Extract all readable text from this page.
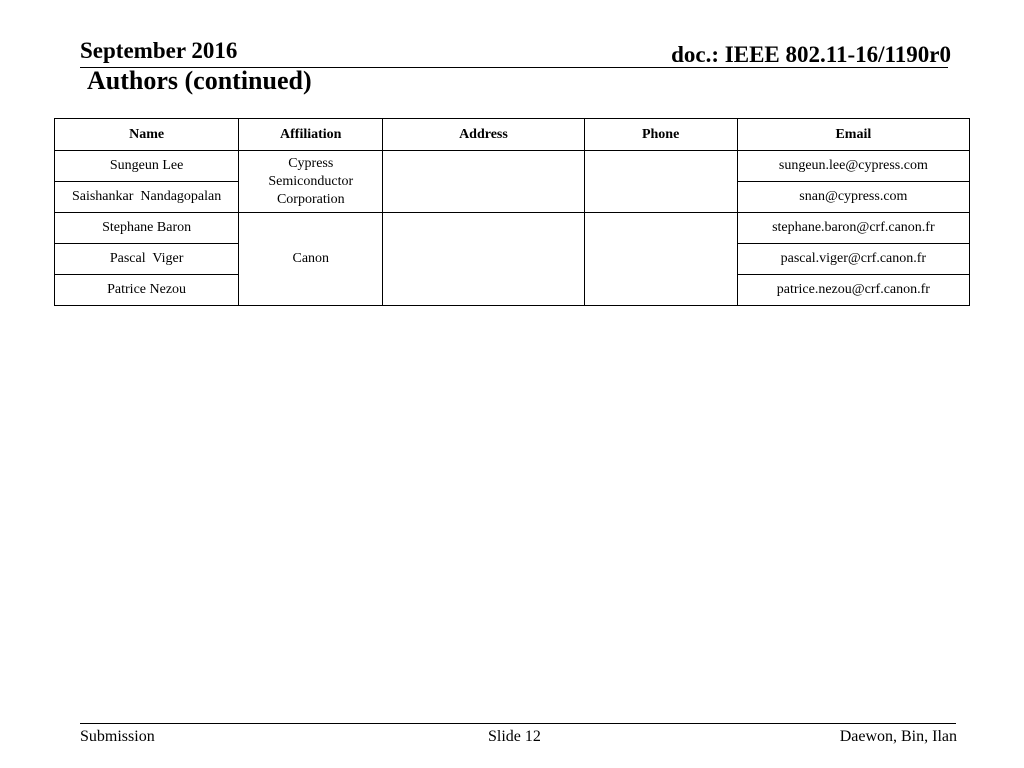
September 2016	doc.: IEEE 802.11-16/1190r0
Authors (continued)
Name	Affiliation	Address	Phone	Email
Sungeun Lee	Cypress
Semiconductor
Corporation			sungeun.lee@cypress.com
Saishankar  Nandagopalan				snan@cypress.com
Stephane Baron	Canon			stephane.baron@crf.canon.fr
Pascal  Viger				pascal.viger@crf.canon.fr
Patrice Nezou				patrice.nezou@crf.canon.fr
Submission	Slide 12	Daewon, Bin, Ilan
